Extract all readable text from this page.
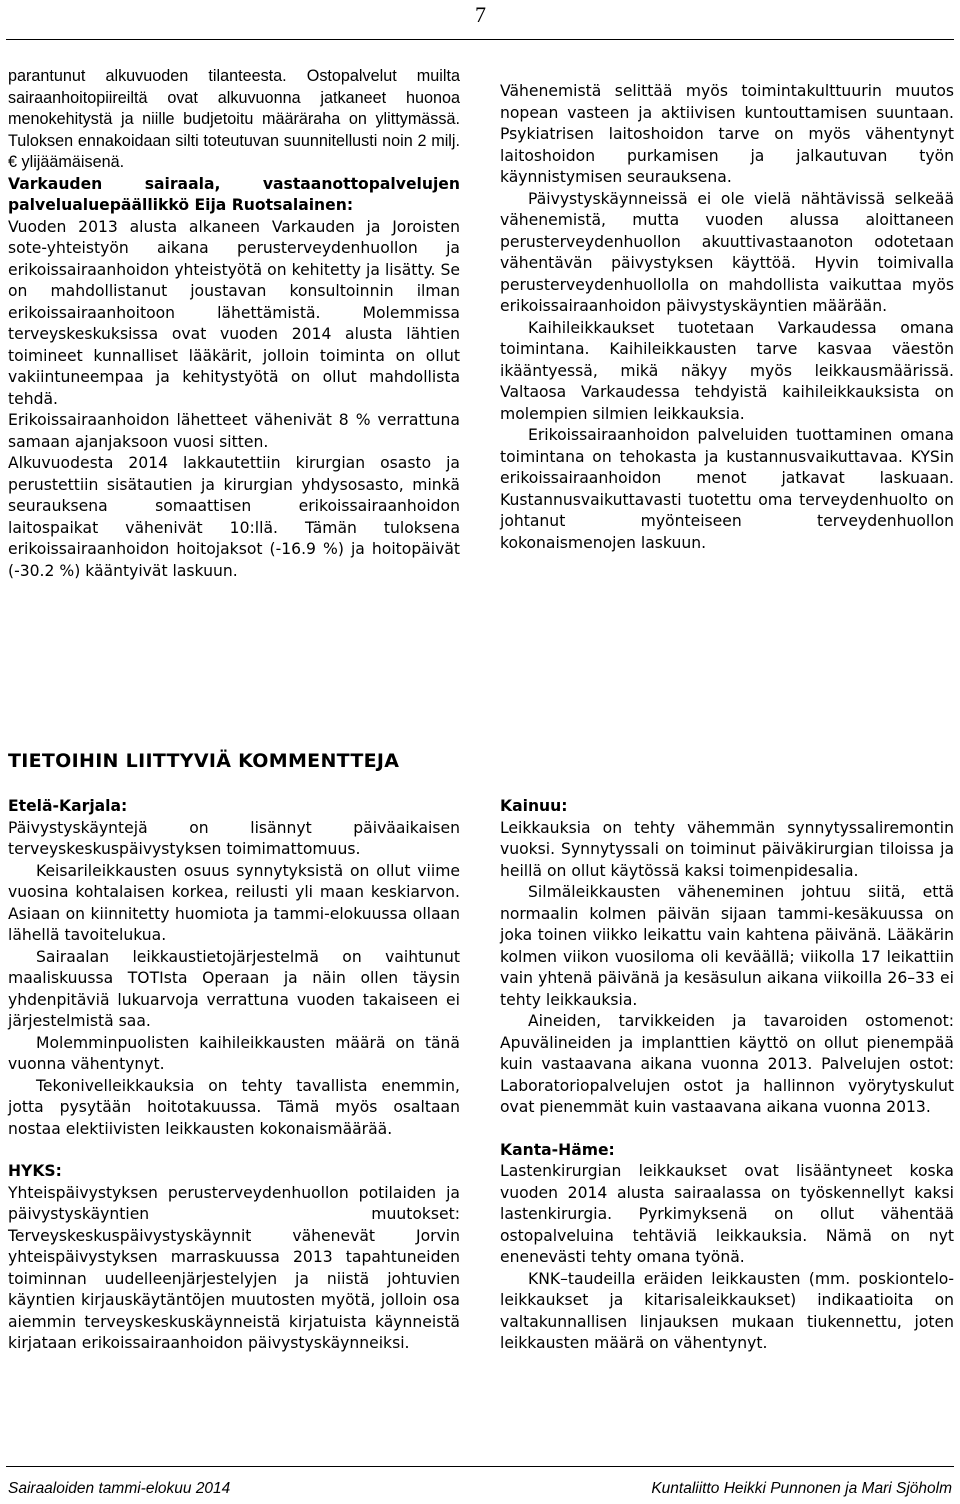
7

parantunut alkuvuoden tilanteesta. Ostopalvelut muilta sairaanhoitopiireiltä ovat alkuvuonna jatkaneet huonoa menokehitystä ja niille budjetoitu määräraha on ylittymässä. Tuloksen ennakoidaan silti toteutuvan suunnitellusti noin 2 milj. € ylijäämäisenä.

Varkauden sairaala, vastaanottopalvelujen palvelualuepäällikkö Eija Ruotsalainen:

Vuoden 2013 alusta alkaneen Varkauden ja Joroisten sote-yhteistyön aikana perusterveydenhuollon ja erikoissairaanhoidon yhteistyötä on kehitetty ja lisätty. Se on mahdollistanut joustavan konsultoinnin ilman erikoissairaanhoitoon lähettämistä. Molemmissa terveyskeskuksissa ovat vuoden 2014 alusta lähtien toimineet kunnalliset lääkärit, jolloin toiminta on ollut vakiintuneempaa ja kehitystyötä on ollut mahdollista tehdä.

Erikoissairaanhoidon lähetteet vähenivät 8 % verrattuna samaan ajanjaksoon vuosi sitten.

Alkuvuodesta 2014 lakkautettiin kirurgian osasto ja perustettiin sisätautien ja kirurgian yhdysosasto, minkä seurauksena somaattisen erikoissairaanhoidon laitospaikat vähenivät 10:llä. Tämän tuloksena erikoissairaanhoidon hoitojaksot (-16.9 %) ja hoitopäivät (-30.2 %) kääntyivät laskuun.

Vähenemistä selittää myös toimintakulttuurin muutos nopean vasteen ja aktiivisen kuntouttamisen suuntaan. Psykiatrisen laitoshoidon tarve on myös vähentynyt laitoshoidon purkamisen ja jalkautuvan työn käynnistymisen seurauksena.

Päivystyskäynneissä ei ole vielä nähtävissä selkeää vähenemistä, mutta vuoden alussa aloittaneen perusterveydenhuollon akuuttivastaanoton odotetaan vähentävän päivystyksen käyttöä. Hyvin toimivalla perusterveydenhuollolla on mahdollista vaikuttaa myös erikoissairaanhoidon päivystyskäyntien määrään.

Kaihileikkaukset tuotetaan Varkaudessa omana toimintana. Kaihileikkausten tarve kasvaa väestön ikääntyessä, mikä näkyy myös leikkausmäärissä. Valtaosa Varkaudessa tehdyistä kaihileikkauksista on molempien silmien leikkauksia.

Erikoissairaanhoidon palveluiden tuottaminen omana toimintana on tehokasta ja kustannusvaikuttavaa. KYSin erikoissairaanhoidon menot jatkavat laskuaan. Kustannusvaikuttavasti tuotettu oma terveydenhuolto on johtanut myönteiseen terveydenhuollon kokonaismenojen laskuun.

TIETOIHIN LIITTYVIÄ KOMMENTTEJA

Etelä-Karjala:

Päivystyskäyntejä on lisännyt päiväaikaisen terveyskeskuspäivystyksen toimimattomuus.

Keisarileikkausten osuus synnytyksistä on ollut viime vuosina kohtalaisen korkea, reilusti yli maan keskiarvon. Asiaan on kiinnitetty huomiota ja tammi-elokuussa ollaan lähellä tavoitelukua.

Sairaalan leikkaustietojärjestelmä on vaihtunut maaliskuussa TOTIsta Operaan ja näin ollen täysin yhdenpitäviä lukuarvoja verrattuna vuoden takaiseen ei järjestelmistä saa.

Molemminpuolisten kaihileikkausten määrä on tänä vuonna vähentynyt.

Tekonivelleikkauksia on tehty tavallista enemmin, jotta pysytään hoitotakuussa. Tämä myös osaltaan nostaa elektiivisten leikkausten kokonaismäärää.

HYKS:

Yhteispäivystyksen perusterveydenhuollon potilaiden ja päivystyskäyntien muutokset: Terveyskeskuspäivystyskäynnit vähenevät Jorvin yhteispäivystyksen marraskuussa 2013 tapahtuneiden toiminnan uudelleenjärjestelyjen ja niistä johtuvien käyntien kirjauskäytäntöjen muutosten myötä, jolloin osa aiemmin terveyskeskuskäynneistä kirjatuista käynneistä kirjataan erikoissairaanhoidon päivystyskäynneiksi.

Kainuu:

Leikkauksia on tehty vähemmän synnytyssaliremontin vuoksi. Synnytyssali on toiminut päiväkirurgian tiloissa ja heillä on ollut käytössä kaksi toimenpidesalia.

Silmäleikkausten väheneminen johtuu siitä, että normaalin kolmen päivän sijaan tammi-kesäkuussa on joka toinen viikko leikattu vain kahtena päivänä. Lääkärin kolmen viikon vuosiloma oli keväällä; viikolla 17 leikattiin vain yhtenä päivänä ja kesäsulun aikana viikoilla 26–33 ei tehty leikkauksia.

Aineiden, tarvikkeiden ja tavaroiden ostomenot: Apuvälineiden ja implanttien käyttö on ollut pienempää kuin vastaavana aikana vuonna 2013. Palvelujen ostot: Laboratoriopalvelujen ostot ja hallinnon vyörytyskulut ovat pienemmät kuin vastaavana aikana vuonna 2013.

Kanta-Häme:

Lastenkirurgian leikkaukset ovat lisääntyneet koska vuoden 2014 alusta sairaalassa on työskennellyt kaksi lastenkirurgia. Pyrkimyksenä on ollut vähentää ostopalveluina tehtäviä leikkauksia. Nämä on nyt enenevästi tehty omana työnä.

KNK–taudeilla eräiden leikkausten (mm. poskionteloleikkaukset ja kitarisaleikkaukset) indikaatioita on valtakunnallisen linjauksen mukaan tiukennettu, joten leikkausten määrä on vähentynyt.

Sairaaloiden tammi-elokuu 2014	Kuntaliitto Heikki Punnonen ja Mari Sjöholm
